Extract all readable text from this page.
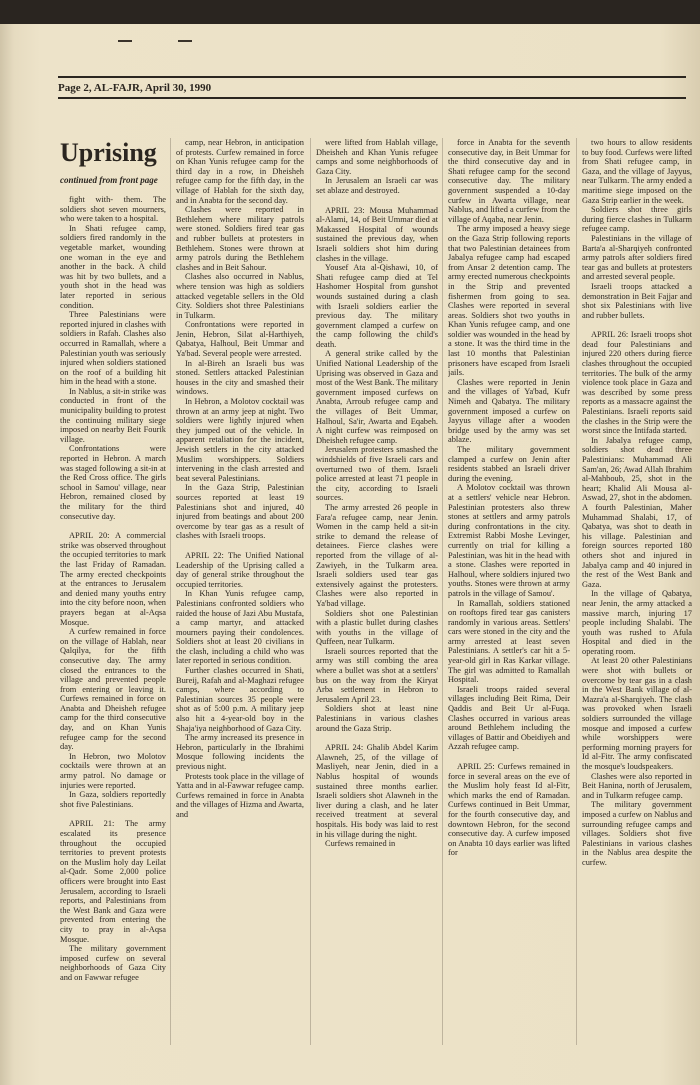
Page 2, AL-FAJR, April 30, 1990
Uprising
continued from front page

fight with- them. The soldiers shot seven mourners, who were taken to a hospital.

In Shati refugee camp, soldiers fired randomly in the vegetable market, wounding one woman in the eye and another in the back. A child was hit by two bullets, and a youth shot in the head was later reported in serious condition.

Three Palestinians were reported injured in clashes with soldiers in Rafah. Clashes also occurred in Ramallah, where a Palestinian youth was seriously injured when soldiers stationed on the roof of a building hit him in the head with a stone.

In Nablus, a sit-in strike was conducted in front of the municipality building to protest the continuing military siege imposed on nearby Beit Fourik village.

Confrontations were reported in Hebron. A march was staged following a sit-in at the Red Cross office. The girls school in Samou' village, near Hebron, remained closed by the military for the third consecutive day.

APRIL 20: A commercial strike was observed throughout the occupied territories to mark the last Friday of Ramadan. The army erected checkpoints at the entrances to Jerusalem and denied many youths entry into the city before noon, when prayers began at al-Aqsa Mosque.

A curfew remained in force on the village of Hablah, near Qalqilya, for the fifth consecutive day. The army closed the entrances to the village and prevented people from entering or leaving it. Curfews remained in force on Anabta and Dheisheh refugee camp for the third consecutive day, and on Khan Yunis refugee camp for the second day.

In Hebron, two Molotov cocktails were thrown at an army patrol. No damage or injuries were reported.

In Gaza, soldiers reportedly shot five Palestinians.

APRIL 21: The army escalated its presence throughout the occupied territories to prevent protests on the Muslim holy day Leilat al-Qadr. Some 2,000 police officers were brought into East Jerusalem, according to Israeli reports, and Palestinians from the West Bank and Gaza were prevented from entering the city to pray in al-Aqsa Mosque.

The military government imposed curfew on several neighborhoods of Gaza City and on Fawwar refugee

camp, near Hebron, in anticipation of protests. Curfew remained in force on Khan Yunis refugee camp for the third day in a row, in Dheisheh refugee camp for the fifth day, in the village of Hablah for the sixth day, and in Anabta for the second day.

Clashes were reported in Bethlehem where military patrols were stoned. Soldiers fired tear gas and rubber bullets at protesters in Bethlehem. Stones were thrown at army patrols during the Bethlehem clashes and in Beit Sahour.

Clashes also occurred in Nablus, where tension was high as soldiers attacked vegetable sellers in the Old City. Soldiers shot three Palestinians in Tulkarm.

Confrontations were reported in Jenin, Hebron, Silat al-Harthiyeh, Qabatya, Halhoul, Beit Ummar and Ya'bad. Several people were arrested.

In al-Bireh an Israeli bus was stoned. Settlers attacked Palestinian houses in the city and smashed their windows.

In Hebron, a Molotov cocktail was thrown at an army jeep at night. Two soldiers were lightly injured when they jumped out of the vehicle. In apparent retaliation for the incident, Jewish settlers in the city attacked Muslim worshippers. Soldiers intervening in the clash arrested and beat several Palestinians.

In the Gaza Strip, Palestinian sources reported at least 19 Palestinians shot and injured, 40 injured from beatings and about 200 overcome by tear gas as a result of clashes with Israeli troops.

APRIL 22: The Unified National Leadership of the Uprising called a day of general strike throughout the occupied territories.

In Khan Yunis refugee camp, Palestinians confronted soldiers who raided the house of Jazi Abu Mustafa, a camp martyr, and attacked mourners paying their condolences. Soldiers shot at least 20 civilians in the clash, including a child who was later reported in serious condition.

Further clashes occurred in Shati, Bureij, Rafah and al-Maghazi refugee camps, where according to Palestinian sources 35 people were shot as of 5:00 p.m. A military jeep also hit a 4-year-old boy in the Shaja'iya neighborhood of Gaza City.

The army increased its presence in Hebron, particularly in the Ibrahimi Mosque following incidents the previous night.

Protests took place in the village of Yatta and in al-Fawwar refugee camp. Curfews remained in force in Anabta and the villages of Hizma and Awarta, and

were lifted from Hablah village, Dheisheh and Khan Yunis refugee camps and some neighborhoods of Gaza City.

In Jerusalem an Israeli car was set ablaze and destroyed.

APRIL 23: Mousa Muhammad al-Alami, 14, of Beit Ummar died at Makassed Hospital of wounds sustained the previous day, when Israeli soldiers shot him during clashes in the village.

Yousef Ata al-Qishawi, 10, of Shati refugee camp died at Tel Hashomer Hospital from gunshot wounds sustained during a clash with Israeli soldiers earlier the previous day. The military government clamped a curfew on the camp following the child's death.

A general strike called by the Unified National Leadership of the Uprising was observed in Gaza and most of the West Bank. The military government imposed curfews on Anabta, Arroub refugee camp and the villages of Beit Ummar, Halhoul, Sa'ir, Awarta and Eqabeh. A night curfew was reimposed on Dheisheh refugee camp.

Jerusalem protesters smashed the windshields of five Israeli cars and overturned two of them. Israeli police arrested at least 71 people in the city, according to Israeli sources.

The army arrested 26 people in Fara'a refugee camp, near Jenin. Women in the camp held a sit-in strike to demand the release of detainees. Fierce clashes were reported from the village of al-Zawiyeh, in the Tulkarm area. Israeli soldiers used tear gas extensively against the protesters. Clashes were also reported in Ya'bad village.

Soldiers shot one Palestinian with a plastic bullet during clashes with youths in the village of Quffeen, near Tulkarm.

Israeli sources reported that the army was still combing the area where a bullet was shot at a settlers' bus on the way from the Kiryat Arba settlement in Hebron to Jerusalem April 23.

Soldiers shot at least nine Palestinians in various clashes around the Gaza Strip.

APRIL 24: Ghalib Abdel Karim Alawneh, 25, of the village of Masliyeh, near Jenin, died in a Nablus hospital of wounds sustained three months earlier. Israeli soldiers shot Alawneh in the liver during a clash, and he later received treatment at several hospitals. His body was laid to rest in his village during the night.

Curfews remained in

force in Anabta for the seventh consecutive day, in Beit Ummar for the third consecutive day and in Shati refugee camp for the second consecutive day. The military government suspended a 10-day curfew in Awarta village, near Nablus, and lifted a curfew from the village of Aqaba, near Jenin.

The army imposed a heavy siege on the Gaza Strip following reports that two Palestinian detainees from Jabalya refugee camp had escaped from Ansar 2 detention camp. The army erected numerous checkpoints in the Strip and prevented fishermen from going to sea. Clashes were reported in several areas. Soldiers shot two youths in Khan Yunis refugee camp, and one soldier was wounded in the head by a stone. It was the third time in the last 10 months that Palestinian prisoners have escaped from Israeli jails.

Clashes were reported in Jenin and the villages of Ya'bad, Kufr Nimeh and Qabatya. The military government imposed a curfew on Jayyus village after a wooden bridge used by the army was set ablaze.

The military government clamped a curfew on Jenin after residents stabbed an Israeli driver during the evening.

A Molotov cocktail was thrown at a settlers' vehicle near Hebron. Palestinian protesters also threw stones at settlers and army patrols during confrontations in the city. Extremist Rabbi Moshe Levinger, currently on trial for killing a Palestinian, was hit in the head with a stone. Clashes were reported in Halhoul, where soldiers injured two youths. Stones were thrown at army patrols in the village of Samou'.

In Ramallah, soldiers stationed on rooftops fired tear gas canisters randomly in various areas. Settlers' cars were stoned in the city and the army arrested at least seven Palestinians. A settler's car hit a 5-year-old girl in Ras Karkar village. The girl was admitted to Ramallah Hospital.

Israeli troops raided several villages including Beit Rima, Deir Qaddis and Beit Ur al-Fuqa. Clashes occurred in various areas around Bethlehem including the villages of Battir and Obeidiyeh and Azzah refugee camp.

APRIL 25: Curfews remained in force in several areas on the eve of the Muslim holy feast Id al-Fitr, which marks the end of Ramadan. Curfews continued in Beit Ummar, for the fourth consecutive day, and downtown Hebron, for the second consecutive day. A curfew imposed on Anabta 10 days earlier was lifted for

two hours to allow residents to buy food. Curfews were lifted from Shati refugee camp, in Gaza, and the village of Jayyus, near Tulkarm. The army ended a maritime siege imposed on the Gaza Strip earlier in the week.

Soldiers shot three girls during fierce clashes in Tulkarm refugee camp.

Palestinians in the village of Barta'a al-Sharqiyeh confronted army patrols after soldiers fired tear gas and bullets at protesters and arrested several people.

Israeli troops attacked a demonstration in Beit Fajjar and shot six Palestinians with live and rubber bullets.

APRIL 26: Israeli troops shot dead four Palestinians and injured 220 others during fierce clashes throughout the occupied territories. The bulk of the army violence took place in Gaza and was described by some press reports as a massacre against the Palestinians. Israeli reports said the clashes in the Strip were the worst since the Intifada started.

In Jabalya refugee camp, soldiers shot dead three Palestinians: Muhammad Ali Sam'an, 26; Awad Allah Ibrahim al-Mahboub, 25, shot in the heart; Khalid Ali Mousa al-Aswad, 27, shot in the abdomen. A fourth Palestinian, Maher Muhammad Shalabi, 17, of Qabatya, was shot to death in his village. Palestinian and foreign sources reported 180 others shot and injured in Jabalya camp and 40 injured in the rest of the West Bank and Gaza.

In the village of Qabatya, near Jenin, the army attacked a massive march, injuring 17 people including Shalabi. The youth was rushed to Afula Hospital and died in the operating room.

At least 20 other Palestinians were shot with bullets or overcome by tear gas in a clash in the West Bank village of al-Mazra'a al-Sharqiyeh. The clash was provoked when Israeli soldiers surrounded the village mosque and imposed a curfew while worshippers were performing morning prayers for Id al-Fitr. The army confiscated the mosque's loudspeakers.

Clashes were also reported in Beit Hanina, north of Jerusalem, and in Tulkarm refugee camp.

The military government imposed a curfew on Nablus and surrounding refugee camps and villages. Soldiers shot five Palestinians in various clashes in the Nablus area despite the curfew.
